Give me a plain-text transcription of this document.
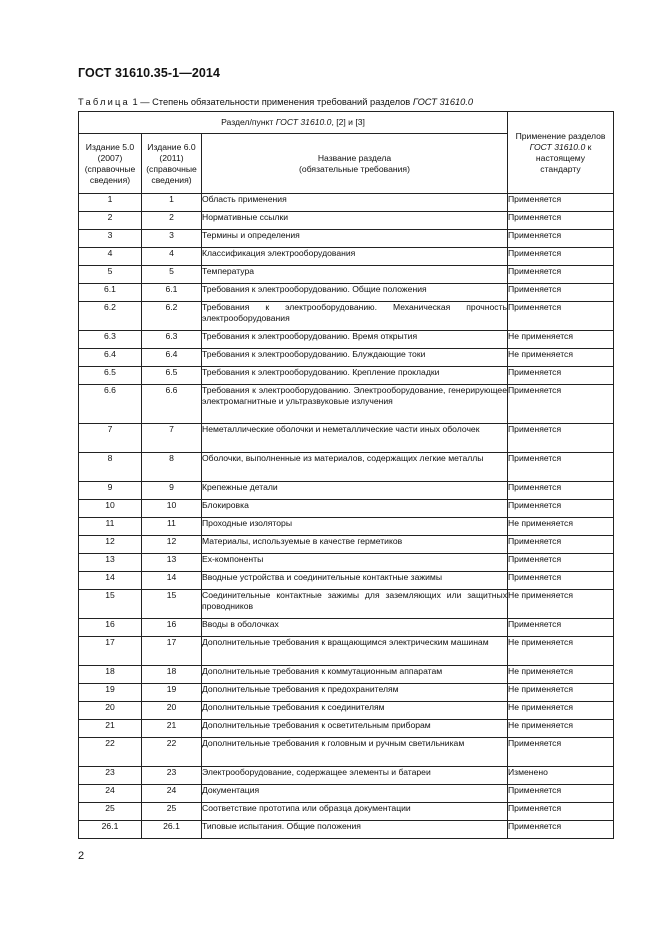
ГОСТ 31610.35-1—2014
Таблица 1 — Степень обязательности применения требований разделов ГОСТ 31610.0
Раздел/пункт ГОСТ 31610.0, [2] и [3]			Применение разделов
ГОСТ 31610.0 к
настоящему
стандарту
Издание 5.0
(2007)
(справочные
сведения)	Издание 6.0
(2011)
(справочные
сведения)	Название раздела
(обязательные требования)	
1	1	Область применения	Применяется
2	2	Нормативные ссылки	Применяется
3	3	Термины и определения	Применяется
4	4	Классификация электрооборудования	Применяется
5	5	Температура	Применяется
6.1	6.1	Требования к электрооборудованию. Общие положения	Применяется
6.2	6.2	Требования к электрооборудованию. Механическая прочность электрооборудования	Применяется
6.3	6.3	Требования к электрооборудованию. Время открытия	Не применяется
6.4	6.4	Требования к электрооборудованию. Блуждающие токи	Не применяется
6.5	6.5	Требования к электрооборудованию. Крепление прокладки	Применяется
6.6	6.6	Требования к электрооборудованию. Электрооборудование, генерирующее электромагнитные и ультразвуковые излучения	Применяется
7	7	Неметаллические оболочки и неметаллические части иных оболочек	Применяется
8	8	Оболочки, выполненные из материалов, содержащих легкие металлы	Применяется
9	9	Крепежные детали	Применяется
10	10	Блокировка	Применяется
11	11	Проходные изоляторы	Не применяется
12	12	Материалы, используемые в качестве герметиков	Применяется
13	13	Ех-компоненты	Применяется
14	14	Вводные устройства и соединительные контактные зажимы	Применяется
15	15	Соединительные контактные зажимы для заземляющих или защитных проводников	Не применяется
16	16	Вводы в оболочках	Применяется
17	17	Дополнительные требования к вращающимся электрическим машинам	Не применяется
18	18	Дополнительные требования к коммутационным аппаратам	Не применяется
19	19	Дополнительные требования к предохранителям	Не применяется
20	20	Дополнительные требования к соединителям	Не применяется
21	21	Дополнительные требования к осветительным приборам	Не применяется
22	22	Дополнительные требования к головным и ручным светильникам	Применяется
23	23	Электрооборудование, содержащее элементы и батареи	Изменено
24	24	Документация	Применяется
25	25	Соответствие прототипа или образца документации	Применяется
26.1	26.1	Типовые испытания. Общие положения	Применяется
2
